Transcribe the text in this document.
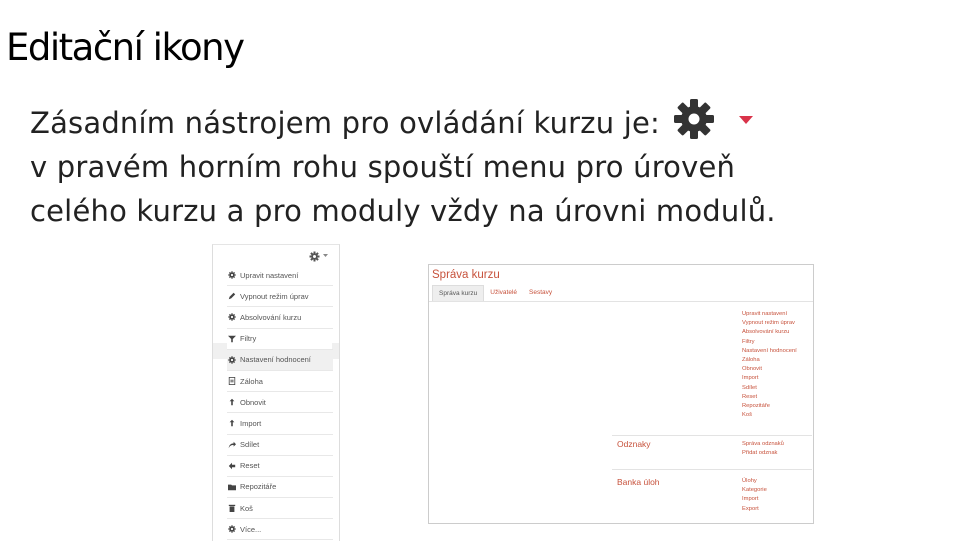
Editační ikony
Zásadním nástrojem pro ovládání kurzu je:
v pravém horním rohu spouští menu pro úroveň
celého kurzu a pro moduly vždy na úrovni modulů.
Upravit nastavení
Vypnout režim úprav
Absolvování kurzu
Filtry
Nastavení hodnocení
Záloha
Obnovit
Import
Sdílet
Reset
Repozitáře
Koš
Více...
Správa kurzu
Správa kurzu	Uživatelé	Sestavy
Upravit nastavení
Vypnout režim úprav
Absolvování kurzu
Filtry
Nastavení hodnocení
Záloha
Obnovit
Import
Sdílet
Reset
Repozitáře
Koš
Odznaky	Správa odznaků
Přidat odznak
Banka úloh	Úlohy
Kategorie
Import
Export
